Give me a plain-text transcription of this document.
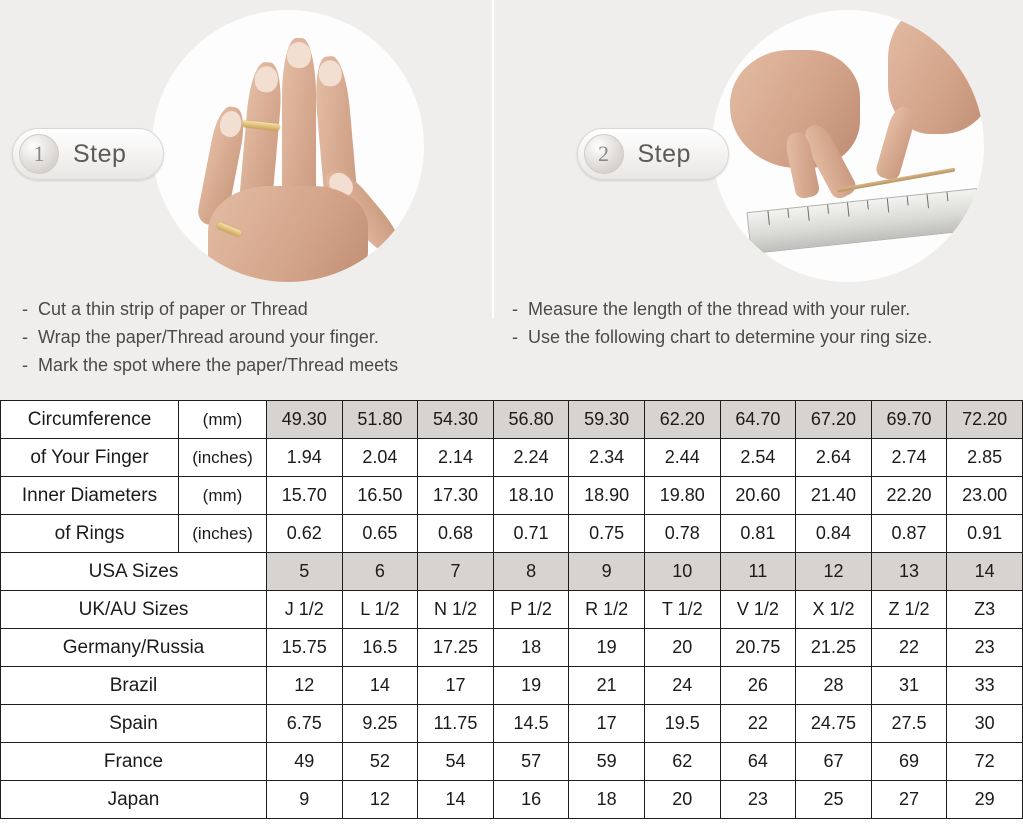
1	Step
- Cut a thin strip of paper or Thread
- Wrap the paper/Thread around your finger.
- Mark the spot where the paper/Thread meets
2	Step
- Measure the length of the thread with your ruler.
- Use the following chart to determine your ring size.
Circumference	(mm)	49.30	51.80	54.30	56.80	59.30	62.20	64.70	67.20	69.70	72.20
of Your Finger	(inches)	1.94	2.04	2.14	2.24	2.34	2.44	2.54	2.64	2.74	2.85
Inner Diameters	(mm)	15.70	16.50	17.30	18.10	18.90	19.80	20.60	21.40	22.20	23.00
of Rings	(inches)	0.62	0.65	0.68	0.71	0.75	0.78	0.81	0.84	0.87	0.91
USA Sizes		5	6	7	8	9	10	11	12	13	14
UK/AU Sizes		J 1/2	L 1/2	N 1/2	P 1/2	R 1/2	T 1/2	V 1/2	X 1/2	Z 1/2	Z3
Germany/Russia		15.75	16.5	17.25	18	19	20	20.75	21.25	22	23
Brazil		12	14	17	19	21	24	26	28	31	33
Spain		6.75	9.25	11.75	14.5	17	19.5	22	24.75	27.5	30
France		49	52	54	57	59	62	64	67	69	72
Japan		9	12	14	16	18	20	23	25	27	29
